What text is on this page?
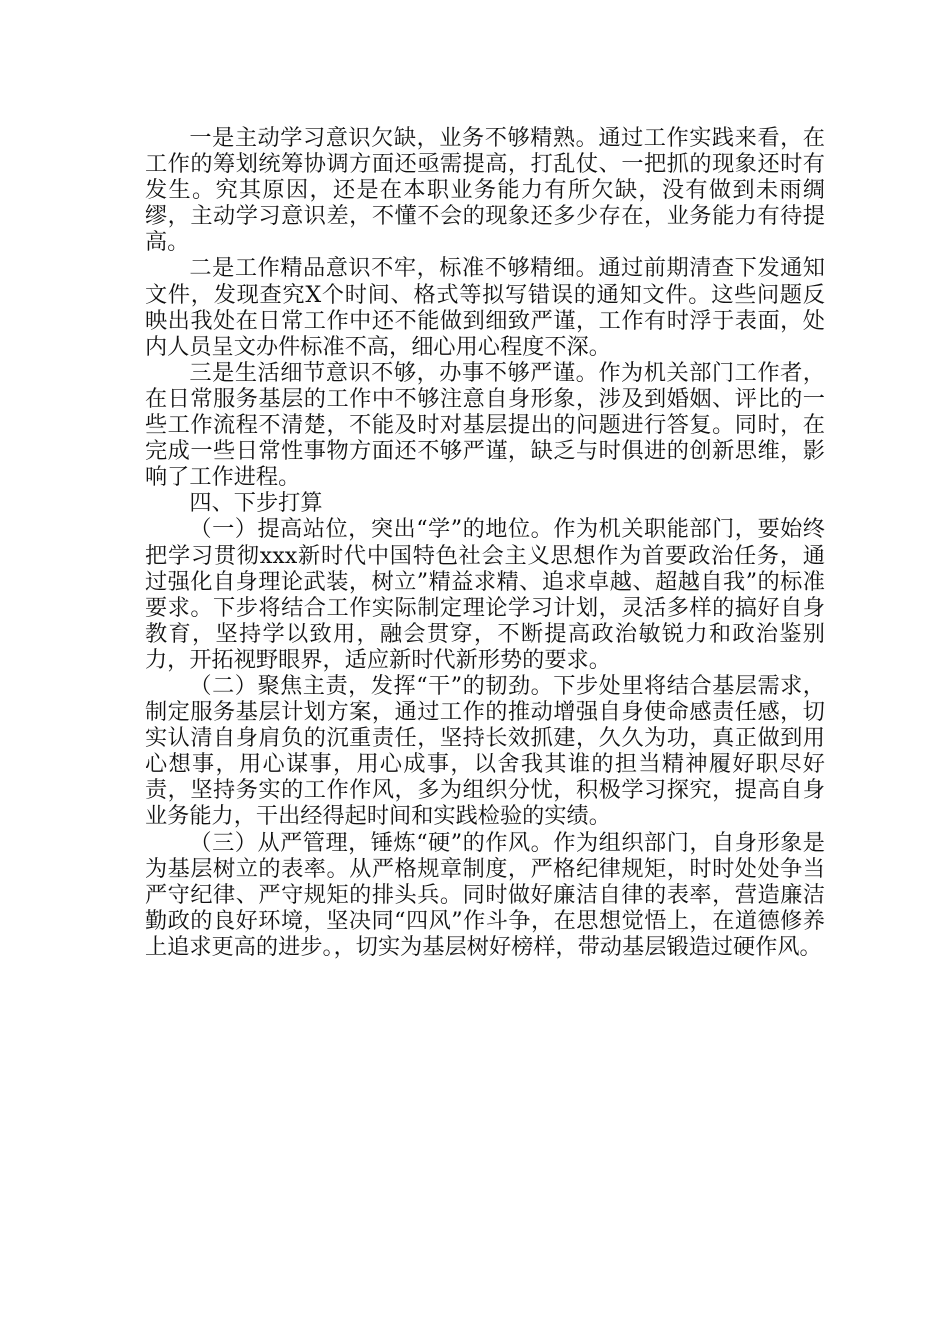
一是主动学习意识欠缺，业务不够精熟。通过工作实践来看，在工作的筹划统筹协调方面还亟需提高，打乱仗、一把抓的现象还时有发生。究其原因，还是在本职业务能力有所欠缺，没有做到未雨绸缪，主动学习意识差，不懂不会的现象还多少存在，业务能力有待提高。

二是工作精品意识不牢，标准不够精细。通过前期清查下发通知文件，发现查究X个时间、格式等拟写错误的通知文件。这些问题反映出我处在日常工作中还不能做到细致严谨，工作有时浮于表面，处内人员呈文办件标准不高，细心用心程度不深。

三是生活细节意识不够，办事不够严谨。作为机关部门工作者，在日常服务基层的工作中不够注意自身形象，涉及到婚姻、评比的一些工作流程不清楚，不能及时对基层提出的问题进行答复。同时，在完成一些日常性事物方面还不够严谨，缺乏与时俱进的创新思维，影响了工作进程。

四、下步打算

（一）提高站位，突出“学”的地位。作为机关职能部门，要始终把学习贯彻xxx新时代中国特色社会主义思想作为首要政治任务，通过强化自身理论武装，树立”精益求精、追求卓越、超越自我”的标准要求。下步将结合工作实际制定理论学习计划，灵活多样的搞好自身教育，坚持学以致用，融会贯穿，不断提高政治敏锐力和政治鉴别力，开拓视野眼界，适应新时代新形势的要求。

（二）聚焦主责，发挥“干”的韧劲。下步处里将结合基层需求，制定服务基层计划方案，通过工作的推动增强自身使命感责任感，切实认清自身肩负的沉重责任，坚持长效抓建，久久为功，真正做到用心想事，用心谋事，用心成事，以舍我其谁的担当精神履好职尽好责，坚持务实的工作作风，多为组织分忧，积极学习探究，提高自身业务能力，干出经得起时间和实践检验的实绩。

（三）从严管理，锤炼“硬”的作风。作为组织部门，自身形象是为基层树立的表率。从严格规章制度，严格纪律规矩，时时处处争当严守纪律、严守规矩的排头兵。同时做好廉洁自律的表率，营造廉洁勤政的良好环境，坚决同“四风”作斗争，在思想觉悟上，在道德修养上追求更高的进步。，切实为基层树好榜样，带动基层锻造过硬作风。
